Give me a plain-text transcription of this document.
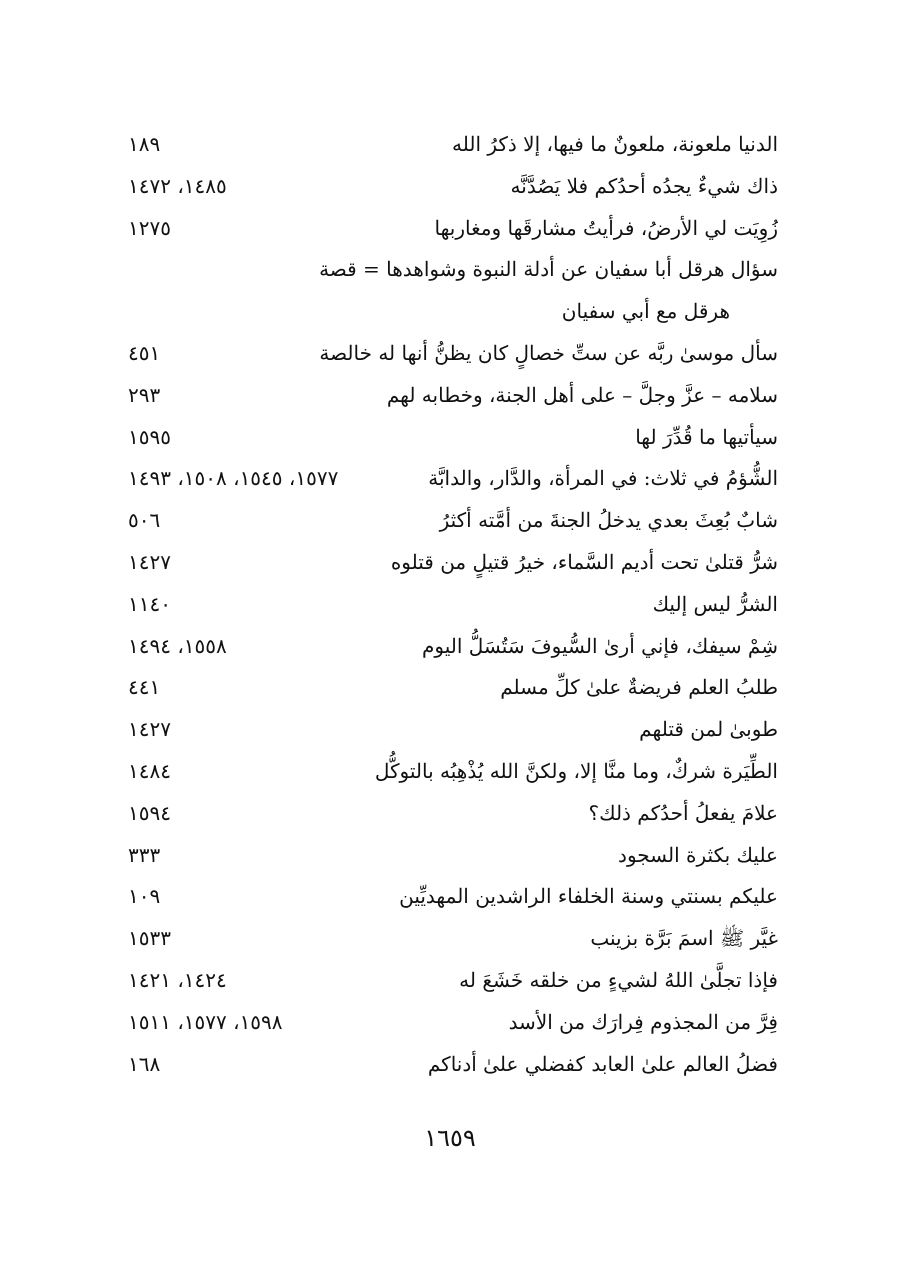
الدنيا ملعونة، ملعونٌ ما فيها، إلا ذكرُ الله
١٨٩
ذاك شيءٌ يجدُه أحدُكم فلا يَصُدَّنَّه
١٤٨٥، ١٤٧٢
زُوِيَت لي الأرضُ، فرأيتُ مشارقَها ومغاربها
١٢٧٥
سؤال هرقل أبا سفيان عن أدلة النبوة وشواهدها = قصة
هرقل مع أبي سفيان
سأل موسىٰ ربَّه عن ستِّ خصالٍ كان يظنُّ أنها له خالصة
٤٥١
سلامه – عزَّ وجلَّ – على أهل الجنة، وخطابه لهم
٢٩٣
سيأتيها ما قُدِّرَ لها
١٥٩٥
الشُّؤمُ في ثلاث: في المرأة، والدَّار، والدابَّة
١٥٧٧، ١٥٤٥، ١٥٠٨، ١٤٩٣
شابٌ بُعِثَ بعدي يدخلُ الجنةَ من أمَّته أكثرُ
٥٠٦
شرُّ قتلىٰ تحت أديم السَّماء، خيرُ قتيلٍ من قتلوه
١٤٢٧
الشرُّ ليس إليك
١١٤٠
شِمْ سيفك، فإني أرىٰ السُّيوفَ سَتُسَلُّ اليوم
١٥٥٨، ١٤٩٤
طلبُ العلم فريضةٌ علىٰ كلِّ مسلم
٤٤١
طوبىٰ لمن قتلهم
١٤٢٧
الطِّيَرة شركٌ، وما منَّا إلا، ولكنَّ الله يُذْهِبُه بالتوكُّل
١٤٨٤
علامَ يفعلُ أحدُكم ذلك؟
١٥٩٤
عليك بكثرة السجود
٣٣٣
عليكم بسنتي وسنة الخلفاء الراشدين المهديِّين
١٠٩
غيَّر ﷺ اسمَ بَرَّة بزينب
١٥٣٣
فإذا تجلَّىٰ اللهُ لشيءٍ من خلقه خَشَعَ له
١٤٢٤، ١٤٢١
فِرَّ من المجذوم فِرارَك من الأسد
١٥٩٨، ١٥٧٧، ١٥١١
فضلُ العالم علىٰ العابد كفضلي علىٰ أدناكم
١٦٨
١٦٥٩
